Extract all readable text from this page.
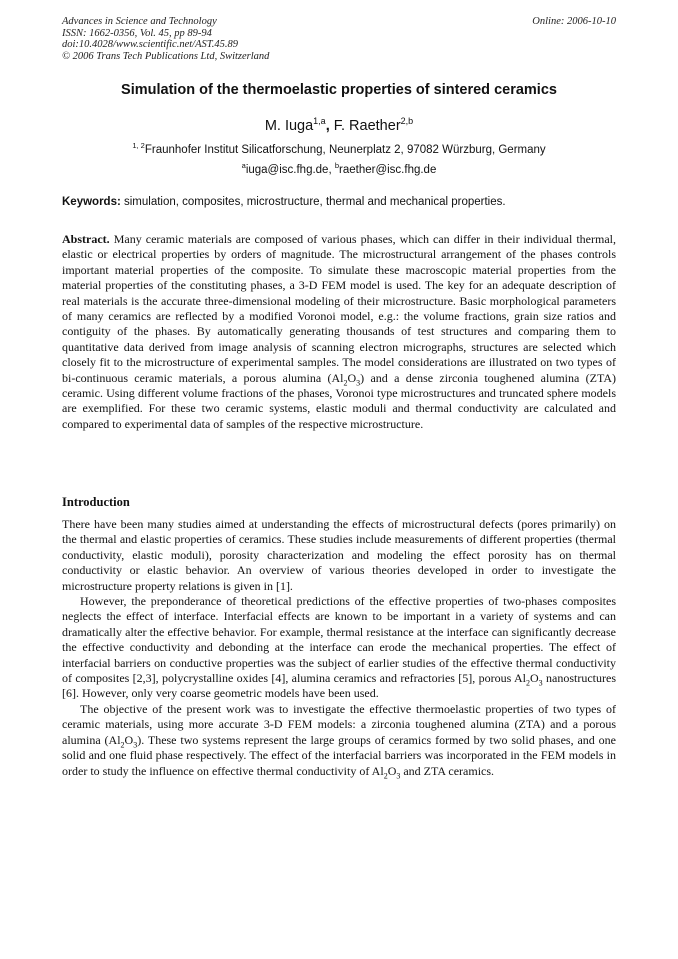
Advances in Science and Technology
ISSN: 1662-0356, Vol. 45, pp 89-94
doi:10.4028/www.scientific.net/AST.45.89
© 2006 Trans Tech Publications Ltd, Switzerland
Online: 2006-10-10
Simulation of the thermoelastic properties of sintered ceramics
M. Iuga$^{1,a}$, F. Raether$^{2,b}$
$^{1, 2}$Fraunhofer Institut Silicatforschung, Neunerplatz 2, 97082 Würzburg, Germany
$^a$iuga@isc.fhg.de, $^b$raether@isc.fhg.de
Keywords: simulation, composites, microstructure, thermal and mechanical properties.
Abstract. Many ceramic materials are composed of various phases, which can differ in their individual thermal, elastic or electrical properties by orders of magnitude. The microstructural arrangement of the phases controls important material properties of the composite. To simulate these macroscopic material properties from the material properties of the constituting phases, a 3-D FEM model is used. The key for an adequate description of real materials is the accurate three-dimensional modeling of their microstructure. Basic morphological parameters of many ceramics are reflected by a modified Voronoi model, e.g.: the volume fractions, grain size ratios and contiguity of the phases. By automatically generating thousands of test structures and comparing them to quantitative data derived from image analysis of scanning electron micrographs, structures are selected which closely fit to the microstructure of experimental samples. The model considerations are illustrated on two types of bi-continuous ceramic materials, a porous alumina $(Al_2O_3)$ and a dense zirconia toughened alumina (ZTA) ceramic. Using different volume fractions of the phases, Voronoi type microstructures and truncated sphere models are exemplified. For these two ceramic systems, elastic moduli and thermal conductivity are calculated and compared to experimental data of samples of the respective microstructure.
Introduction

There have been many studies aimed at understanding the effects of microstructural defects (pores primarily) on the thermal and elastic properties of ceramics. These studies include measurements of different properties (thermal conductivity, elastic moduli), porosity characterization and modeling the effect porosity has on thermal conductivity or elastic behavior. An overview of various theories developed in order to investigate the microstructure property relations is given in [1].

However, the preponderance of theoretical predictions of the effective properties of two-phases composites neglects the effect of interface. Interfacial effects are known to be important in a variety of systems and can dramatically alter the effective behavior. For example, thermal resistance at the interface can significantly decrease the effective conductivity and debonding at the interface can erode the mechanical properties. The effect of interfacial barriers on conductive properties was the subject of earlier studies of the effective thermal conductivity of composites [2,3], polycrystalline oxides [4], alumina ceramics and refractories [5], porous $Al_2O_3$ nanostructures [6]. However, only very coarse geometric models have been used.

The objective of the present work was to investigate the effective thermoelastic properties of two types of ceramic materials, using more accurate 3-D FEM models: a zirconia toughened alumina (ZTA) and a porous alumina $(Al_2O_3)$. These two systems represent the large groups of ceramics formed by two solid phases, and one solid and one fluid phase respectively. The effect of the interfacial barriers was incorporated in the FEM models in order to study the influence on effective thermal conductivity of $Al_2O_3$ and ZTA ceramics.
